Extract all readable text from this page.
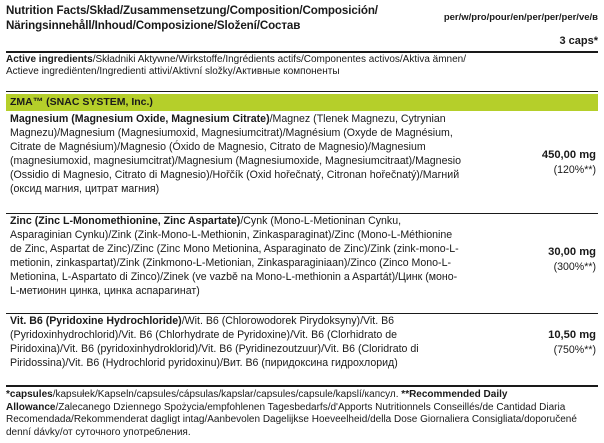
Nutrition Facts/Skład/Zusammensetzung/Composition/Composición/
Näringsinnehåll/Inhoud/Composizione/Složení/Состав
per/w/pro/pour/en/per/per/per/ve/в
3 caps*
Active ingredients/Składniki Aktywne/Wirkstoffe/Ingrédients actifs/Componentes activos/Aktiva ämnen/
Actieve ingrediënten/Ingredienti attivi/Aktivní složky/Активные компоненты
ZMA™ (SNAC SYSTEM, Inc.)
Magnesium (Magnesium Oxide, Magnesium Citrate)/Magnez (Tlenek Magnezu, Cytrynian Magnezu)/Magnesium (Magnesiumoxid, Magnesiumcitrat)/Magnésium (Oxyde de Magnésium, Citrate de Magnésium)/Magnesio (Óxido de Magnesio, Citrato de Magnesio)/Magnesium (magnesiumoxid, magnesiumcitrat)/Magnesium (Magnesiumoxide, Magnesiumcitraat)/Magnesio (Ossidio di Magnesio, Citrato di Magnesio)/Hořčík (Oxid hořečnatý, Citronan hořečnatý)/Магний (оксид магния, цитрат магния)
450,00 mg
(120%**)
Zinc (Zinc L-Monomethionine, Zinc Aspartate)/Cynk (Mono-L-Metioninan Cynku, Asparaginian Cynku)/Zink (Zink-Mono-L-Methionin, Zinkasparaginat)/Zinc (Mono-L-Méthionine de Zinc, Aspartat de Zinc)/Zinc (Zinc Mono Metionina, Asparaginato de Zinc)/Zink (zink-mono-L-metionin, zinkaspartat)/Zink (Zinkmono-L-Metionian, Zinkasparaginiaan)/Zinco (Zinco Mono-L-Metionina, L-Aspartato di Zinco)/Zinek (ve vazbě na Mono-L-methionin a Aspartát)/Цинк (моно-L-метионин цинка, цинка аспарагинат)
30,00 mg
(300%**)
Vit. B6 (Pyridoxine Hydrochloride)/Wit. B6 (Chlorowodorek Pirydoksyny)/Vit. B6 (Pyridoxinhydrochlorid)/Vit. B6 (Chlorhydrate de Pyridoxine)/Vit. B6 (Clorhidrato de Piridoxina)/Vit. B6 (pyridoxinhydroklorid)/Vit. B6 (Pyridinezoutzuur)/Vit. B6 (Cloridrato di Piridossina)/Vit. B6 (Hydrochlorid pyridoxinu)/Вит. B6 (пиридоксина гидрохлорид)
10,50 mg
(750%**)
*capsules/kapsułek/Kapseln/capsules/cápsulas/kapslar/capsules/capsule/kapslí/капсул. **Recommended Daily Allowance/Zalecanego Dziennego Spożycia/empfohlenen Tagesbedarfs/d'Apports Nutritionnels Conseillés/de Cantidad Diaria Recomendada/Rekommenderat dagligt intag/Aanbevolen Dagelijkse Hoeveelheid/della Dose Giornaliera Consigliata/doporučené denní dávky/от суточного употребления.
